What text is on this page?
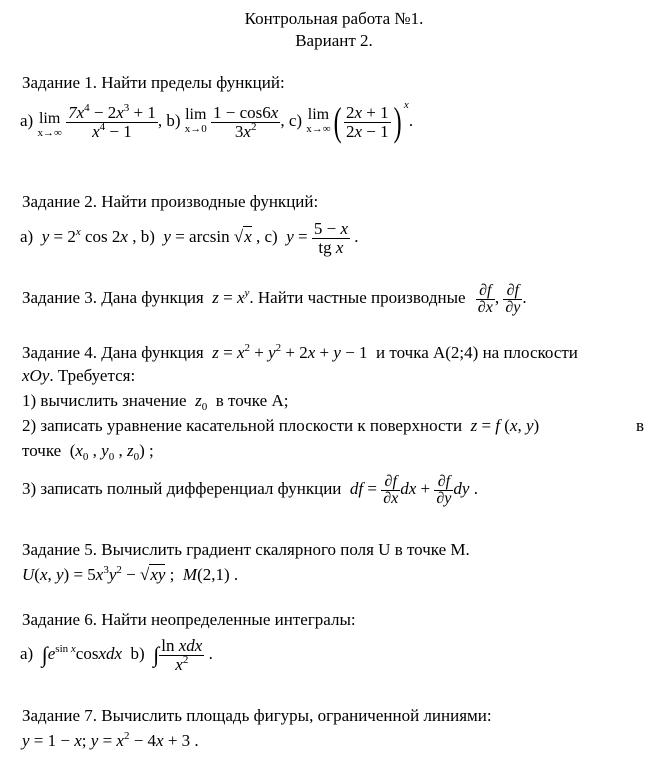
Контрольная работа №1.
Вариант 2.
Задание 1. Найти пределы функций:
a) lim
x→∞
$\frac{7x^4 - 2x^3 + 1}{x^4 - 1}$ , b) lim
x→0
$\frac{1 - \cos 6x}{3x^2}$ , c) lim
x→∞ ( $\frac{2x + 1}{2x - 1}$ ) $^x$.
Задание 2. Найти производные функций:
a)  $y = 2^x$ cos 2x , b)  y = arcsin √x , c)  $y = \frac{5 - x}{\text{tg x}}$ .
Задание 3. Дана функция $z = x^y$. Найти частные производные $\frac{\partial f}{\partial x}$ , $\frac{\partial f}{\partial y}$ .
Задание 4. Дана функция $z = x^2 + y^2 + 2x + y - 1$  и точка A(2;4) на плоскости
xOy. Требуется:
1) вычислить значение $z_0$ в точке A;
2) записать уравнение касательной плоскости к поверхности z = f (x, y)	в
точке  ($x_0$ , $y_0$ , $z_0$) ;
3) записать полный дифференциал функции df = $\frac{\partial f}{\partial x}$ dx + $\frac{\partial f}{\partial y}$ dy .
Задание 5. Вычислить градиент скалярного поля U в точке M.
U(x, $y) = 5x^3y^2 - √xy$ ;  M(2,1) .
Задание 6. Найти неопределенные интегралы:
a)  $\int e^{sin x}cosxdx$  b)  ∫ $\frac{\text{ln xdx}}{x^2}$ .
Задание 7. Вычислить площадь фигуры, ограниченной линиями:
y = 1 − x; $y = x^2 - 4x + 3$ .
